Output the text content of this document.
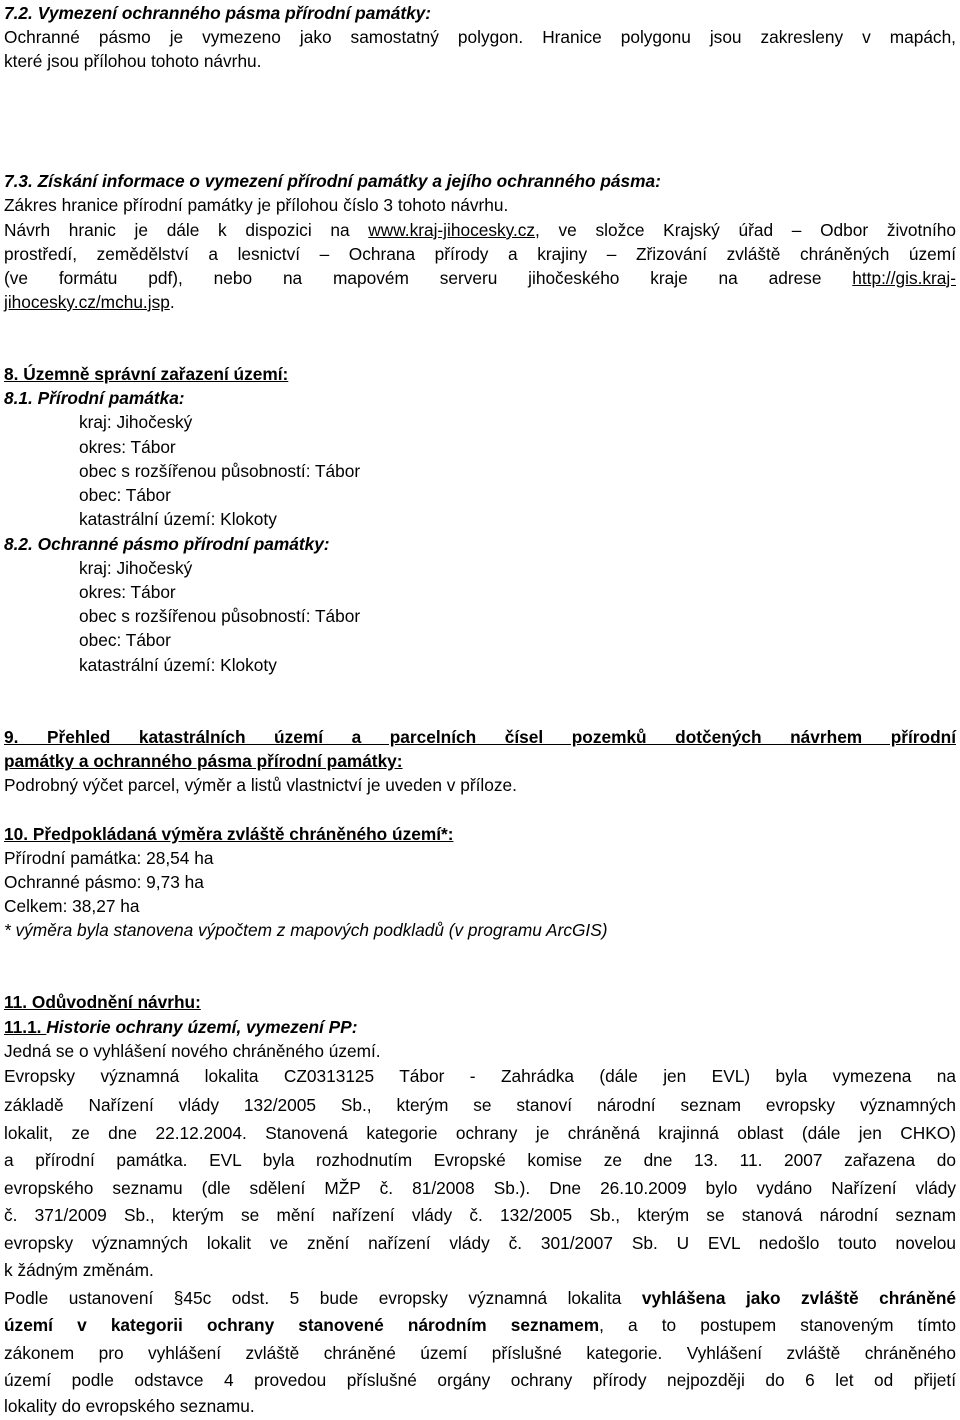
7.2. Vymezení ochranného pásma přírodní památky:
Ochranné pásmo je vymezeno jako samostatný polygon. Hranice polygonu jsou zakresleny v mapách,
které jsou přílohou tohoto návrhu.
7.3. Získání informace o vymezení přírodní památky a jejího ochranného pásma:
Zákres hranice přírodní památky je přílohou číslo 3 tohoto návrhu.
Návrh hranic je dále k dispozici na www.kraj-jihocesky.cz, ve složce Krajský úřad – Odbor životního
prostředí, zemědělství a lesnictví – Ochrana přírody a krajiny – Zřizování zvláště chráněných území
(ve formátu pdf), nebo na mapovém serveru jihočeského kraje na adrese http://gis.kraj-
jihocesky.cz/mchu.jsp.
8. Územně správní zařazení území:
8.1. Přírodní památka:
kraj: Jihočeský
okres: Tábor
obec s rozšířenou působností: Tábor
obec: Tábor
katastrální území: Klokoty
8.2. Ochranné pásmo přírodní památky:
kraj: Jihočeský
okres: Tábor
obec s rozšířenou působností: Tábor
obec: Tábor
katastrální území: Klokoty
9. Přehled katastrálních území a parcelních čísel pozemků dotčených návrhem přírodní
památky a ochranného pásma přírodní památky:
Podrobný výčet parcel, výměr a listů vlastnictví je uveden v příloze.
10. Předpokládaná výměra zvláště chráněného území*:
Přírodní památka: 28,54 ha
Ochranné pásmo: 9,73 ha
Celkem: 38,27 ha
* výměra byla stanovena výpočtem z mapových podkladů (v programu ArcGIS)
11. Odůvodnění návrhu:
11.1. Historie ochrany území, vymezení PP:
Jedná se o vyhlášení nového chráněného území.
Evropsky významná lokalita CZ0313125 Tábor - Zahrádka (dále jen EVL) byla vymezena na
základě Nařízení vlády 132/2005 Sb., kterým se stanoví národní seznam evropsky významných
lokalit, ze dne 22.12.2004. Stanovená kategorie ochrany je chráněná krajinná oblast (dále jen CHKO)
a přírodní památka. EVL byla rozhodnutím Evropské komise ze dne 13. 11. 2007 zařazena do
evropského seznamu (dle sdělení MŽP č. 81/2008 Sb.). Dne 26.10.2009 bylo vydáno Nařízení vlády
č. 371/2009 Sb., kterým se mění nařízení vlády č. 132/2005 Sb., kterým se stanová národní seznam
evropsky významných lokalit ve znění nařízení vlády č. 301/2007 Sb. U EVL nedošlo touto novelou
k žádným změnám.
Podle ustanovení §45c odst. 5 bude evropsky významná lokalita vyhlášena jako zvláště chráněné
území v kategorii ochrany stanovené národním seznamem, a to postupem stanoveným tímto
zákonem pro vyhlášení zvláště chráněné území příslušné kategorie. Vyhlášení zvláště chráněného
území podle odstavce 4 provedou příslušné orgány ochrany přírody nejpozději do 6 let od přijetí
lokality do evropského seznamu.
